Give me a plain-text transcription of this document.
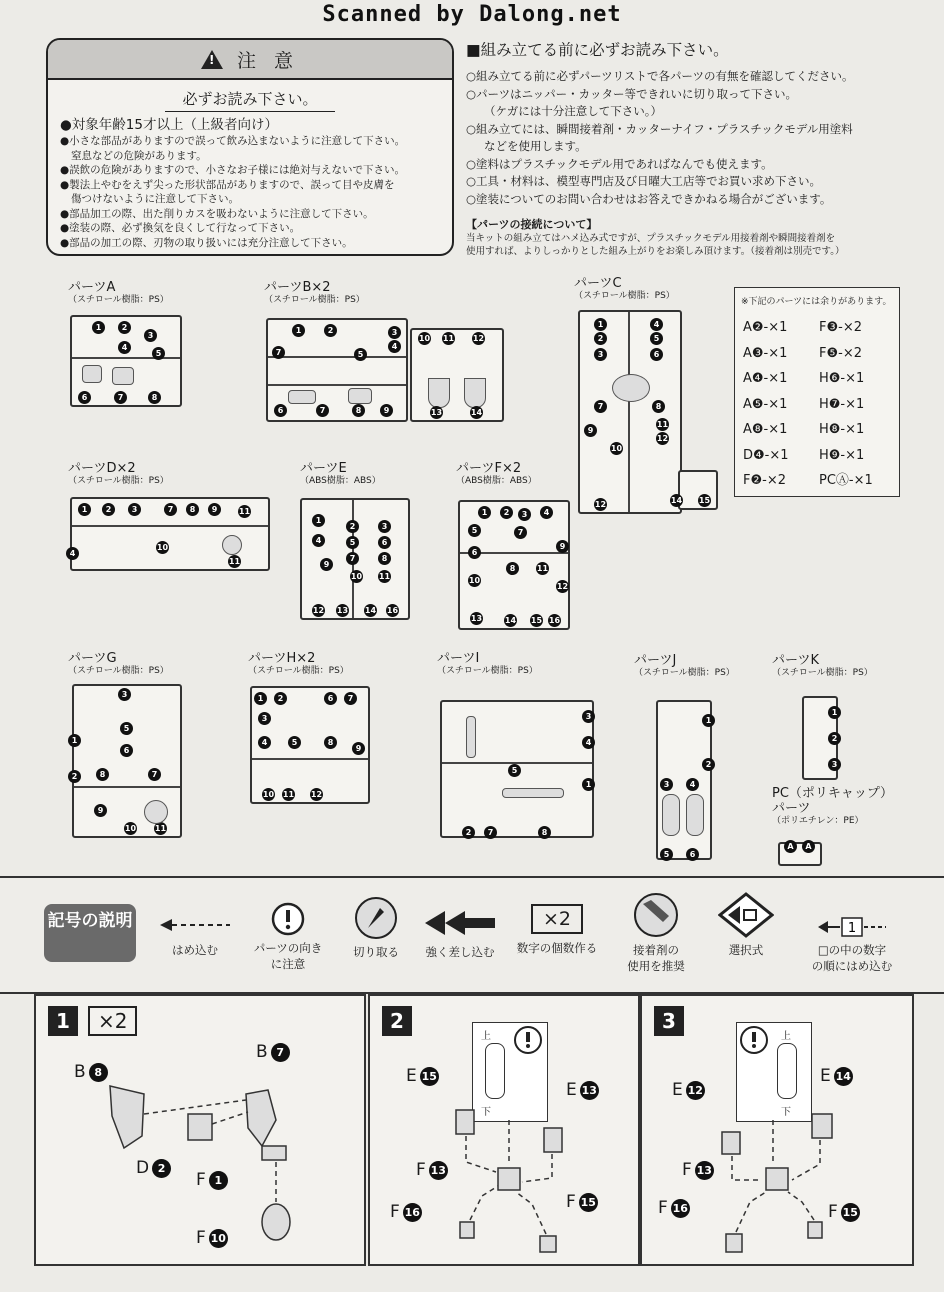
Scanned by Dalong.net
! 注 意
必ずお読み下さい。
●対象年齢15才以上（上級者向け）
●小さな部品がありますので誤って飲み込まないように注意して下さい。
窒息などの危険があります。
●誤飲の危険がありますので、小さなお子様には絶対与えないで下さい。
●製法上やむをえず尖った形状部品がありますので、誤って目や皮膚を
傷つけないように注意して下さい。
●部品加工の際、出た削りカスを吸わないように注意して下さい。
●塗装の際、必ず換気を良くして行なって下さい。
●部品の加工の際、刃物の取り扱いには充分注意して下さい。
■組み立てる前に必ずお読み下さい。

○組み立てる前に必ずパーツリストで各パーツの有無を確認してください。

○パーツはニッパー・カッター等できれいに切り取って下さい。

（ケガには十分注意して下さい。）

○組み立てには、瞬間接着剤・カッターナイフ・プラスチックモデル用塗料

などを使用します。

○塗料はプラスチックモデル用であればなんでも使えます。

○工具・材料は、模型専門店及び日曜大工店等でお買い求め下さい。

○塗装についてのお問い合わせはお答えできかねる場合がございます。

【パーツの接続について】
当キットの組み立てはハメ込み式ですが、プラスチックモデル用接着剤や瞬間接着剤を
使用すれば、よりしっかりとした組み上がりをお楽しみ頂けます。（接着剤は別売です。）
パーツA
（スチロール樹脂：PS）
パーツB×2
（スチロール樹脂：PS）
パーツC
（スチロール樹脂：PS）
パーツD×2
（スチロール樹脂：PS）
パーツE
（ABS樹脂：ABS）
パーツF×2
（ABS樹脂：ABS）
パーツG
（スチロール樹脂：PS）
パーツH×2
（スチロール樹脂：PS）
パーツI
（スチロール樹脂：PS）
パーツJ
（スチロール樹脂：PS）
パーツK
（スチロール樹脂：PS）
PC（ポリキャップ）
パーツ
（ポリエチレン：PE）
1	2
3
4
5
6	7	8
1	2	3
4
5
7
6	7	8	9
10 11 12
13	14
1
2
3
4
5
6
7	8
9
10
11
12
12	14 15
1	2	3	7	8	9	11
10
11
4
1
2	3
4	5	6
7	8
9
10 11
12 13 14 16
1	2	3	4
5
6
7
8
9
10
11
12
13	14 15 16
3
5
6
1
2	8	7
9
10 11
1	2	6	7
3
4	5	8
9
10 11 12
3
4
5
1
2	7	8
1
2
3	4
5	6
1
2
3
A	A
※下記のパーツには余りがあります。
A❷-×1	F❸-×2
A❸-×1	F❺-×2
A❹-×1	H❻-×1
A❺-×1	H❼-×1
A❽-×1	H❽-×1
D❹-×1	H❾-×1
F❷-×2	PCⒶ-×1
記号の説明
はめ込む	パーツの向き
に注意
切り取る	強く差し込む
×2
数字の個数作る	接着剤の
使用を推奨
選択式
1
□の中の数字
の順にはめ込む
1	×2
B 7
B 8
D 2
F 1
F 10
2
上
下
E 15
E 13
F 13
F 16	F 15
3
上
下
E 12
E 14
F 13
F 16	F 15
